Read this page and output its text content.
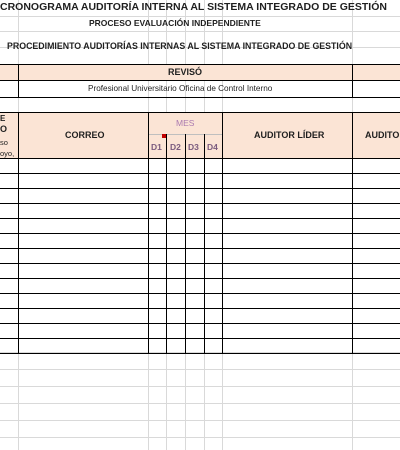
CRONOGRAMA AUDITORÍA INTERNA AL SISTEMA INTEGRADO DE GESTIÓN
PROCESO EVALUACIÓN INDEPENDIENTE
PROCEDIMIENTO AUDITORÍAS INTERNAS AL SISTEMA INTEGRADO DE GESTIÓN
REVISÓ
Profesional Universitario Oficina de Control Interno
E
O
so
oyo,
CORREO
MES
D1 D2 D3 D4
AUDITOR LÍDER	AUDITO
